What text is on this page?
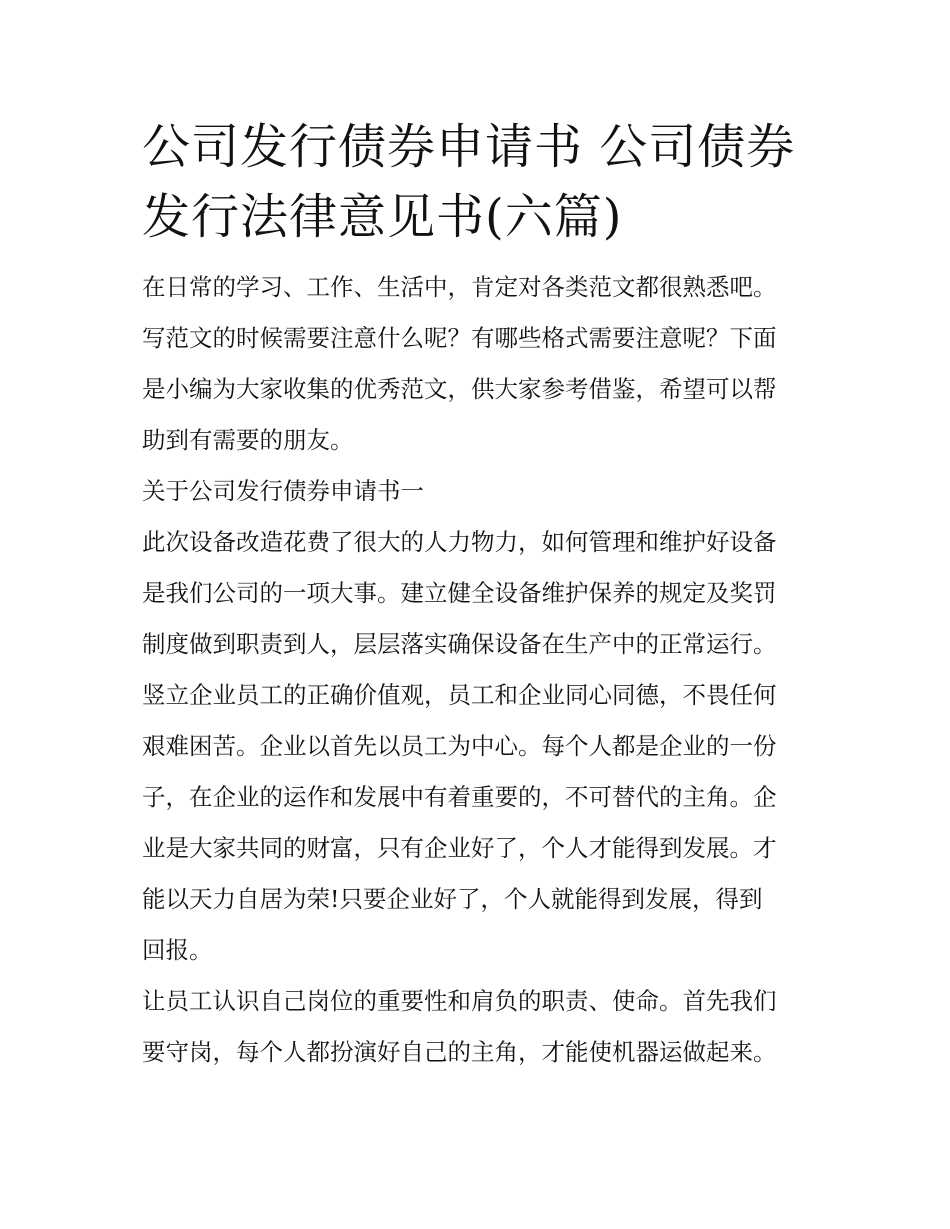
公司发行债券申请书 公司债券
发行法律意见书(六篇)

在日常的学习、工作、生活中，肯定对各类范文都很熟悉吧。
写范文的时候需要注意什么呢？有哪些格式需要注意呢？下面
是小编为大家收集的优秀范文，供大家参考借鉴，希望可以帮
助到有需要的朋友。

关于公司发行债券申请书一

此次设备改造花费了很大的人力物力，如何管理和维护好设备
是我们公司的一项大事。建立健全设备维护保养的规定及奖罚
制度做到职责到人，层层落实确保设备在生产中的正常运行。
竖立企业员工的正确价值观，员工和企业同心同德，不畏任何
艰难困苦。企业以首先以员工为中心。每个人都是企业的一份
子，在企业的运作和发展中有着重要的，不可替代的主角。企
业是大家共同的财富，只有企业好了，个人才能得到发展。才
能以天力自居为荣!只要企业好了，个人就能得到发展，得到
回报。

让员工认识自己岗位的重要性和肩负的职责、使命。首先我们
要守岗，每个人都扮演好自己的主角，才能使机器运做起来。
